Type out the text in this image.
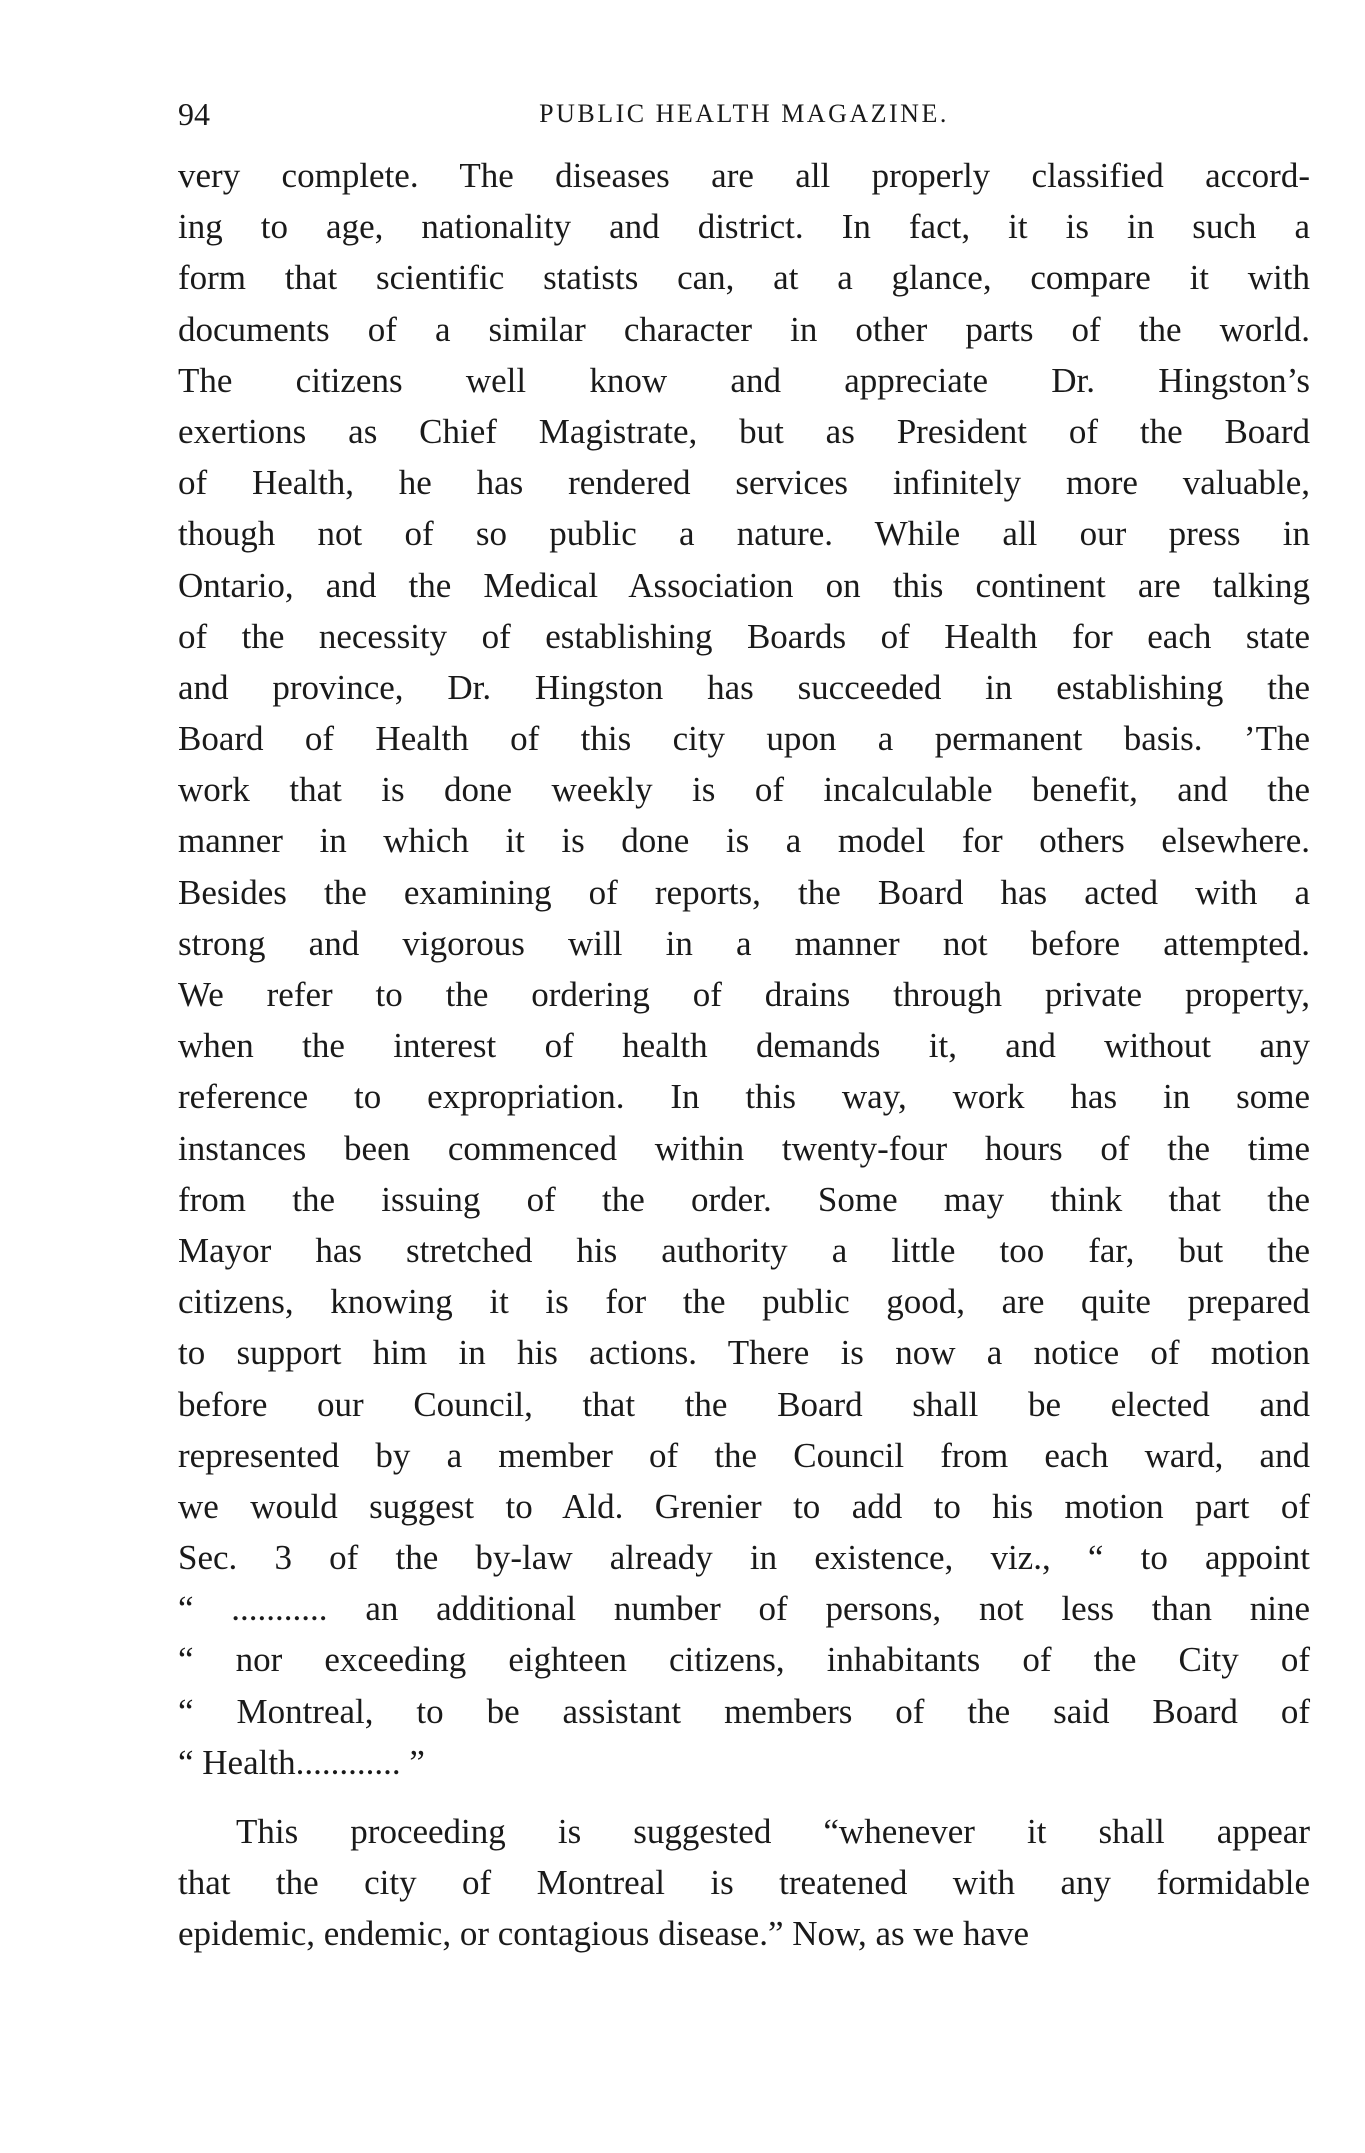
94	PUBLIC HEALTH MAGAZINE.

very complete. The diseases are all properly classified accord-
ing to age, nationality and district. In fact, it is in such a
form that scientific statists can, at a glance, compare it with
documents of a similar character in other parts of the world.
The citizens well know and appreciate Dr. Hingston’s
exertions as Chief Magistrate, but as President of the Board
of Health, he has rendered services infinitely more valuable,
though not of so public a nature. While all our press in
Ontario, and the Medical Association on this continent are talking
of the necessity of establishing Boards of Health for each state
and province, Dr. Hingston has succeeded in establishing the
Board of Health of this city upon a permanent basis. ’The
work that is done weekly is of incalculable benefit, and the
manner in which it is done is a model for others elsewhere.
Besides the examining of reports, the Board has acted with a
strong and vigorous will in a manner not before attempted.
We refer to the ordering of drains through private property,
when the interest of health demands it, and without any
reference to expropriation. In this way, work has in some
instances been commenced within twenty-four hours of the time
from the issuing of the order. Some may think that the
Mayor has stretched his authority a little too far, but the
citizens, knowing it is for the public good, are quite prepared
to support him in his actions. There is now a notice of motion
before our Council, that the Board shall be elected and
represented by a member of the Council from each ward, and
we would suggest to Ald. Grenier to add to his motion part of
Sec. 3 of the by-law already in existence, viz., “ to appoint
“ ........... an additional number of persons, not less than nine
“ nor exceeding eighteen citizens, inhabitants of the City of
“ Montreal, to be assistant members of the said Board of
“ Health............ ”

This proceeding is suggested “whenever it shall appear
that the city of Montreal is treatened with any formidable
epidemic, endemic, or contagious disease.” Now, as we have
